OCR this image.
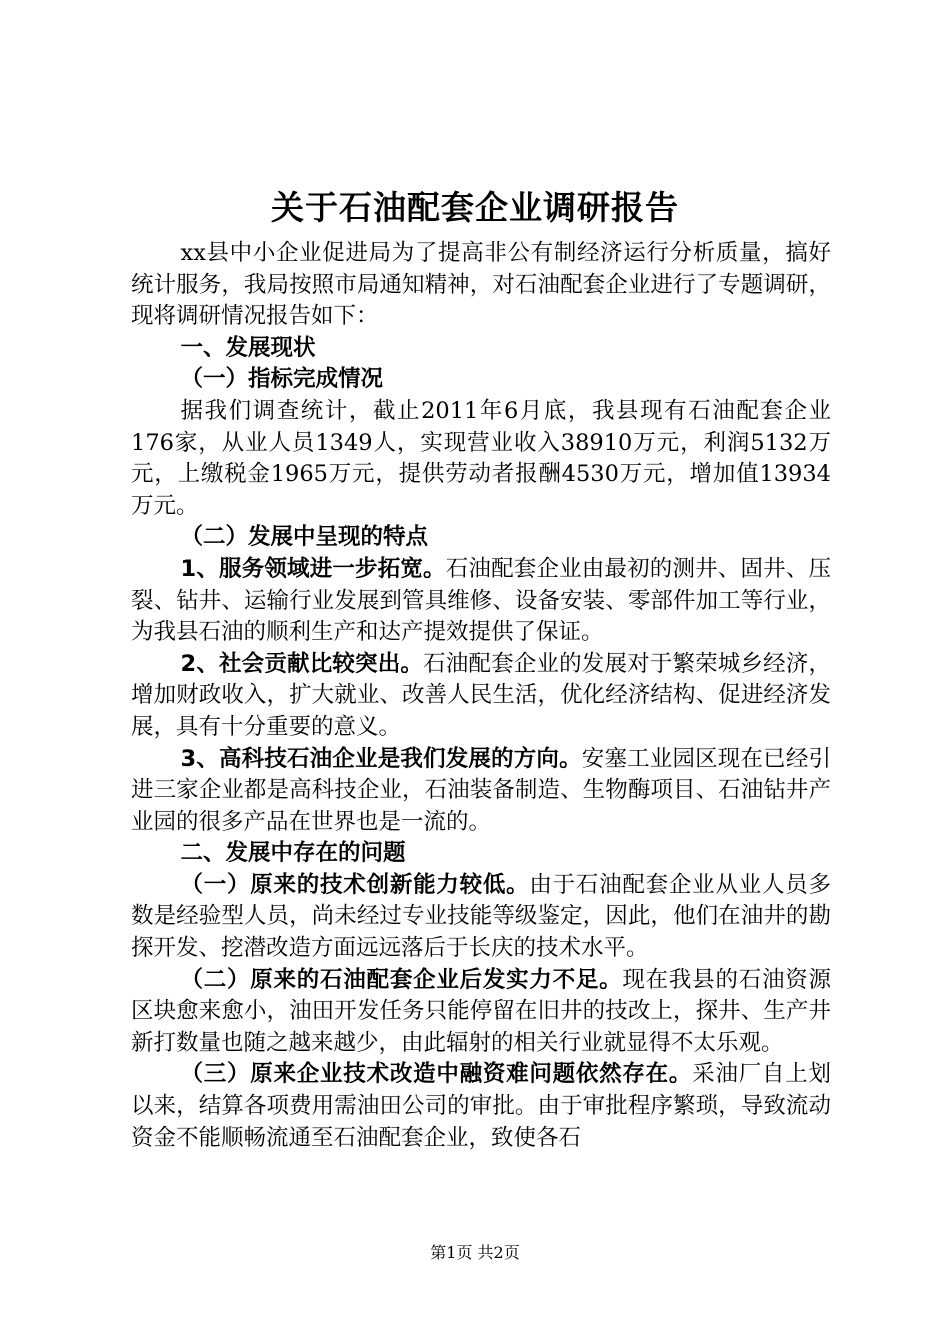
关于石油配套企业调研报告

xx县中小企业促进局为了提高非公有制经济运行分析质量，搞好统计服务，我局按照市局通知精神，对石油配套企业进行了专题调研，现将调研情况报告如下：

一、发展现状

（一）指标完成情况

据我们调查统计，截止2011年6月底，我县现有石油配套企业176家，从业人员1349人，实现营业收入38910万元，利润5132万元，上缴税金1965万元，提供劳动者报酬4530万元，增加值13934万元。

（二）发展中呈现的特点

1、服务领域进一步拓宽。石油配套企业由最初的测井、固井、压裂、钻井、运输行业发展到管具维修、设备安装、零部件加工等行业，为我县石油的顺利生产和达产提效提供了保证。

2、社会贡献比较突出。石油配套企业的发展对于繁荣城乡经济，增加财政收入，扩大就业、改善人民生活，优化经济结构、促进经济发展，具有十分重要的意义。

3、高科技石油企业是我们发展的方向。安塞工业园区现在已经引进三家企业都是高科技企业，石油装备制造、生物酶项目、石油钻井产业园的很多产品在世界也是一流的。

二、发展中存在的问题

（一）原来的技术创新能力较低。由于石油配套企业从业人员多数是经验型人员，尚未经过专业技能等级鉴定，因此，他们在油井的勘探开发、挖潜改造方面远远落后于长庆的技术水平。

（二）原来的石油配套企业后发实力不足。现在我县的石油资源区块愈来愈小，油田开发任务只能停留在旧井的技改上，探井、生产井新打数量也随之越来越少，由此辐射的相关行业就显得不太乐观。

（三）原来企业技术改造中融资难问题依然存在。采油厂自上划以来，结算各项费用需油田公司的审批。由于审批程序繁琐，导致流动资金不能顺畅流通至石油配套企业，致使各石

第1页 共2页
